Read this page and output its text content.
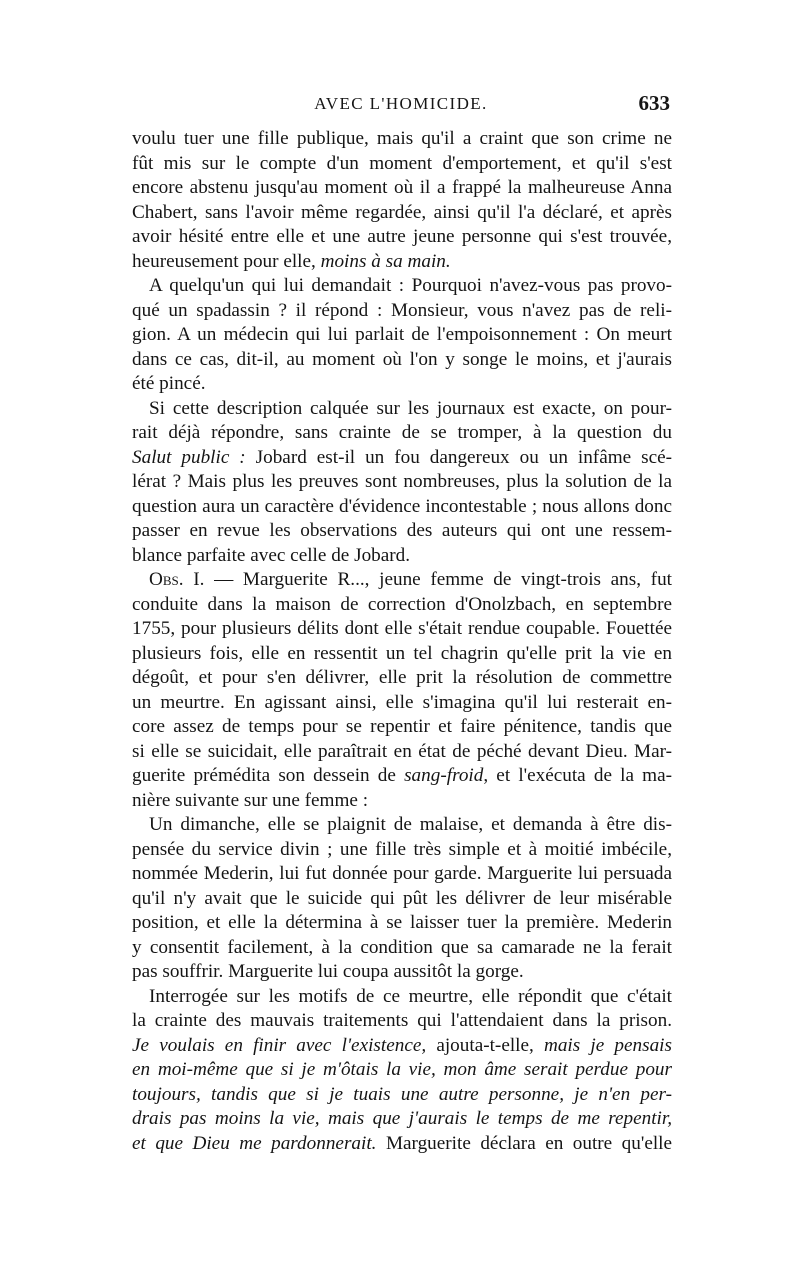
AVEC L'HOMICIDE.	633
voulu tuer une fille publique, mais qu'il a craint que son crime ne
fût mis sur le compte d'un moment d'emportement, et qu'il s'est
encore abstenu jusqu'au moment où il a frappé la malheureuse Anna
Chabert, sans l'avoir même regardée, ainsi qu'il l'a déclaré, et après
avoir hésité entre elle et une autre jeune personne qui s'est trouvée,
heureusement pour elle, moins à sa main.
A quelqu'un qui lui demandait : Pourquoi n'avez-vous pas provo-
qué un spadassin ? il répond : Monsieur, vous n'avez pas de reli-
gion. A un médecin qui lui parlait de l'empoisonnement : On meurt
dans ce cas, dit-il, au moment où l'on y songe le moins, et j'aurais
été pincé.
Si cette description calquée sur les journaux est exacte, on pour-
rait déjà répondre, sans crainte de se tromper, à la question du
Salut public : Jobard est-il un fou dangereux ou un infâme scé-
lérat ? Mais plus les preuves sont nombreuses, plus la solution de la
question aura un caractère d'évidence incontestable ; nous allons donc
passer en revue les observations des auteurs qui ont une ressem-
blance parfaite avec celle de Jobard.
Obs. I. — Marguerite R..., jeune femme de vingt-trois ans, fut
conduite dans la maison de correction d'Onolzbach, en septembre
1755, pour plusieurs délits dont elle s'était rendue coupable. Fouettée
plusieurs fois, elle en ressentit un tel chagrin qu'elle prit la vie en
dégoût, et pour s'en délivrer, elle prit la résolution de commettre
un meurtre. En agissant ainsi, elle s'imagina qu'il lui resterait en-
core assez de temps pour se repentir et faire pénitence, tandis que
si elle se suicidait, elle paraîtrait en état de péché devant Dieu. Mar-
guerite prémédita son dessein de sang-froid, et l'exécuta de la ma-
nière suivante sur une femme :
Un dimanche, elle se plaignit de malaise, et demanda à être dis-
pensée du service divin ; une fille très simple et à moitié imbécile,
nommée Mederin, lui fut donnée pour garde. Marguerite lui persuada
qu'il n'y avait que le suicide qui pût les délivrer de leur misérable
position, et elle la détermina à se laisser tuer la première. Mederin
y consentit facilement, à la condition que sa camarade ne la ferait
pas souffrir. Marguerite lui coupa aussitôt la gorge.
Interrogée sur les motifs de ce meurtre, elle répondit que c'était
la crainte des mauvais traitements qui l'attendaient dans la prison.
Je voulais en finir avec l'existence, ajouta-t-elle, mais je pensais
en moi-même que si je m'ôtais la vie, mon âme serait perdue pour
toujours, tandis que si je tuais une autre personne, je n'en per-
drais pas moins la vie, mais que j'aurais le temps de me repentir,
et que Dieu me pardonnerait. Marguerite déclara en outre qu'elle
